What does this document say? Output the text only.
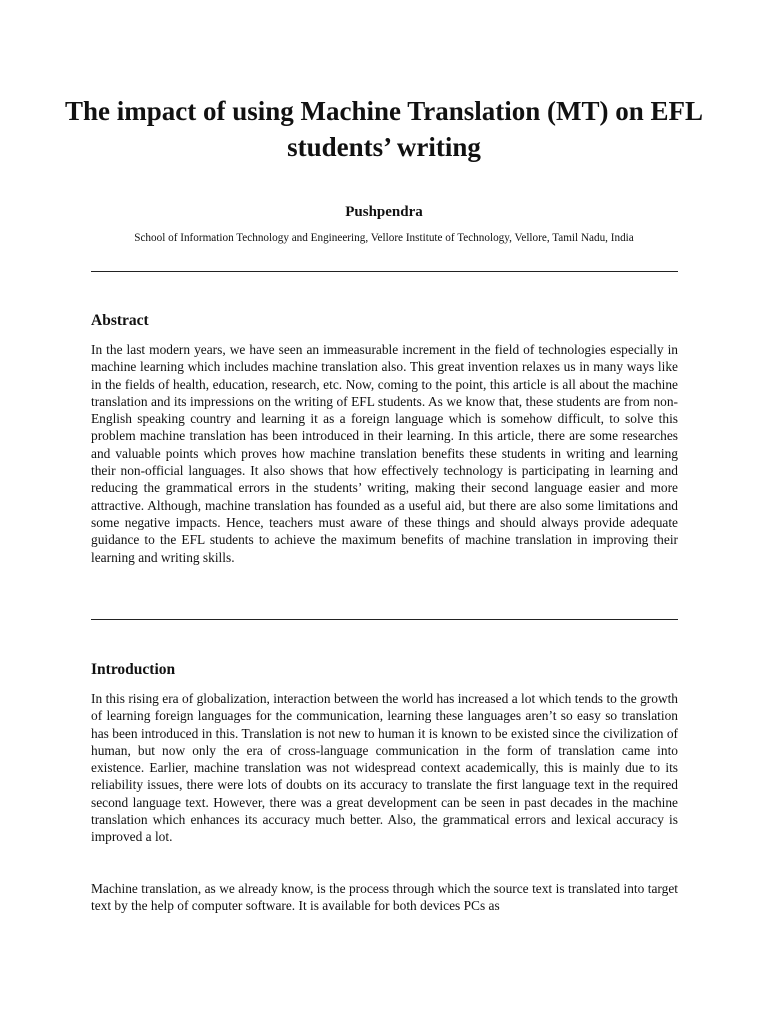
The impact of using Machine Translation (MT) on EFL students’ writing
Pushpendra
School of Information Technology and Engineering, Vellore Institute of Technology, Vellore, Tamil Nadu, India
Abstract

In the last modern years, we have seen an immeasurable increment in the field of technologies especially in machine learning which includes machine translation also. This great invention relaxes us in many ways like in the fields of health, education, research, etc. Now, coming to the point, this article is all about the machine translation and its impressions on the writing of EFL students. As we know that, these students are from non-English speaking country and learning it as a foreign language which is somehow difficult, to solve this problem machine translation has been introduced in their learning. In this article, there are some researches and valuable points which proves how machine translation benefits these students in writing and learning their non-official languages. It also shows that how effectively technology is participating in learning and reducing the grammatical errors in the students’ writing, making their second language easier and more attractive. Although, machine translation has founded as a useful aid, but there are also some limitations and some negative impacts. Hence, teachers must aware of these things and should always provide adequate guidance to the EFL students to achieve the maximum benefits of machine translation in improving their learning and writing skills.

Introduction

In this rising era of globalization, interaction between the world has increased a lot which tends to the growth of learning foreign languages for the communication, learning these languages aren’t so easy so translation has been introduced in this. Translation is not new to human it is known to be existed since the civilization of human, but now only the era of cross-language communication in the form of translation came into existence. Earlier, machine translation was not widespread context academically, this is mainly due to its reliability issues, there were lots of doubts on its accuracy to translate the first language text in the required second language text. However, there was a great development can be seen in past decades in the machine translation which enhances its accuracy much better. Also, the grammatical errors and lexical accuracy is improved a lot.

Machine translation, as we already know, is the process through which the source text is translated into target text by the help of computer software. It is available for both devices PCs as
